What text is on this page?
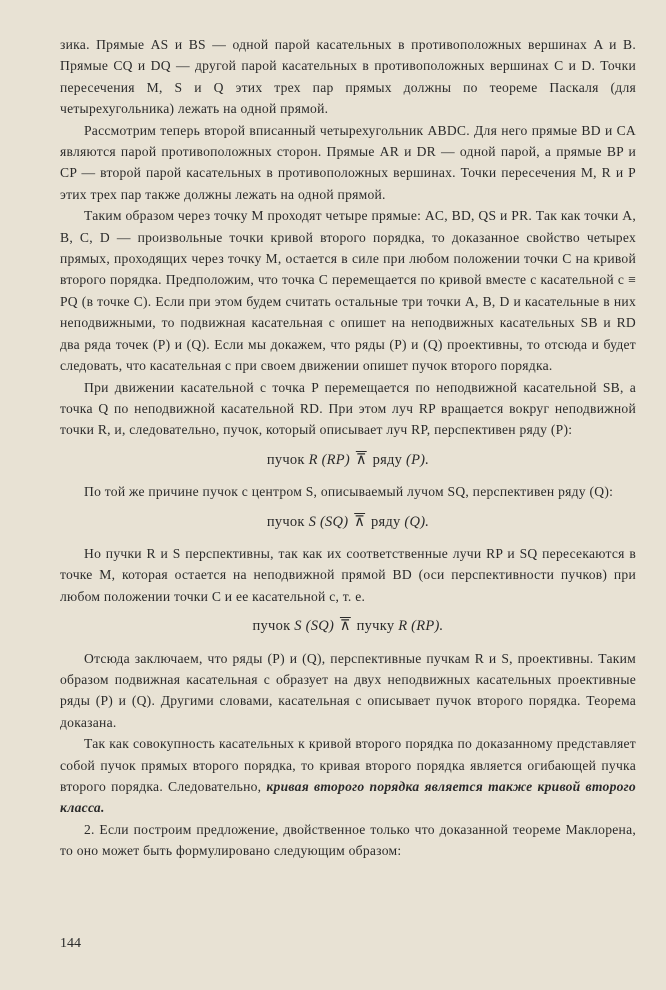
зика. Прямые AS и BS — одной парой касательных в противоположных вершинах A и B. Прямые CQ и DQ — другой парой касательных в противоположных вершинах C и D. Точки пересечения M, S и Q этих трех пар прямых должны по теореме Паскаля (для четырехугольника) лежать на одной прямой.

Рассмотрим теперь второй вписанный четырехугольник ABDC. Для него прямые BD и CA являются парой противоположных сторон. Прямые AR и DR — одной парой, а прямые BP и CP — второй парой касательных в противоположных вершинах. Точки пересечения M, R и P этих трех пар также должны лежать на одной прямой.

Таким образом через точку M проходят четыре прямые: AC, BD, QS и PR. Так как точки A, B, C, D — произвольные точки кривой второго порядка, то доказанное свойство четырех прямых, проходящих через точку M, остается в силе при любом положении точки C на кривой второго порядка. Предположим, что точка C перемещается по кривой вместе с касательной c ≡ PQ (в точке C). Если при этом будем считать остальные три точки A, B, D и касательные в них неподвижными, то подвижная касательная c опишет на неподвижных касательных SB и RD два ряда точек (P) и (Q). Если мы докажем, что ряды (P) и (Q) проективны, то отсюда и будет следовать, что касательная c при своем движении опишет пучок второго порядка.

При движении касательной c точка P перемещается по неподвижной касательной SB, а точка Q по неподвижной касательной RD. При этом луч RP вращается вокруг неподвижной точки R, и, следовательно, пучок, который описывает луч RP, перспективен ряду (P):

пучок R (RP) ⊼ ряду (P).

По той же причине пучок с центром S, описываемый лучом SQ, перспективен ряду (Q):

пучок S (SQ) ⊼ ряду (Q).

Но пучки R и S перспективны, так как их соответственные лучи RP и SQ пересекаются в точке M, которая остается на неподвижной прямой BD (оси перспективности пучков) при любом положении точки C и ее касательной c, т. е.

пучок S (SQ) ⊼ пучку R (RP).

Отсюда заключаем, что ряды (P) и (Q), перспективные пучкам R и S, проективны. Таким образом подвижная касательная c образует на двух неподвижных касательных проективные ряды (P) и (Q). Другими словами, касательная c описывает пучок второго порядка. Теорема доказана.

Так как совокупность касательных к кривой второго порядка по доказанному представляет собой пучок прямых второго порядка, то кривая второго порядка является огибающей пучка второго порядка. Следовательно, кривая второго порядка является также кривой второго класса.

2. Если построим предложение, двойственное только что доказанной теореме Маклорена, то оно может быть формулировано следующим образом:

144
